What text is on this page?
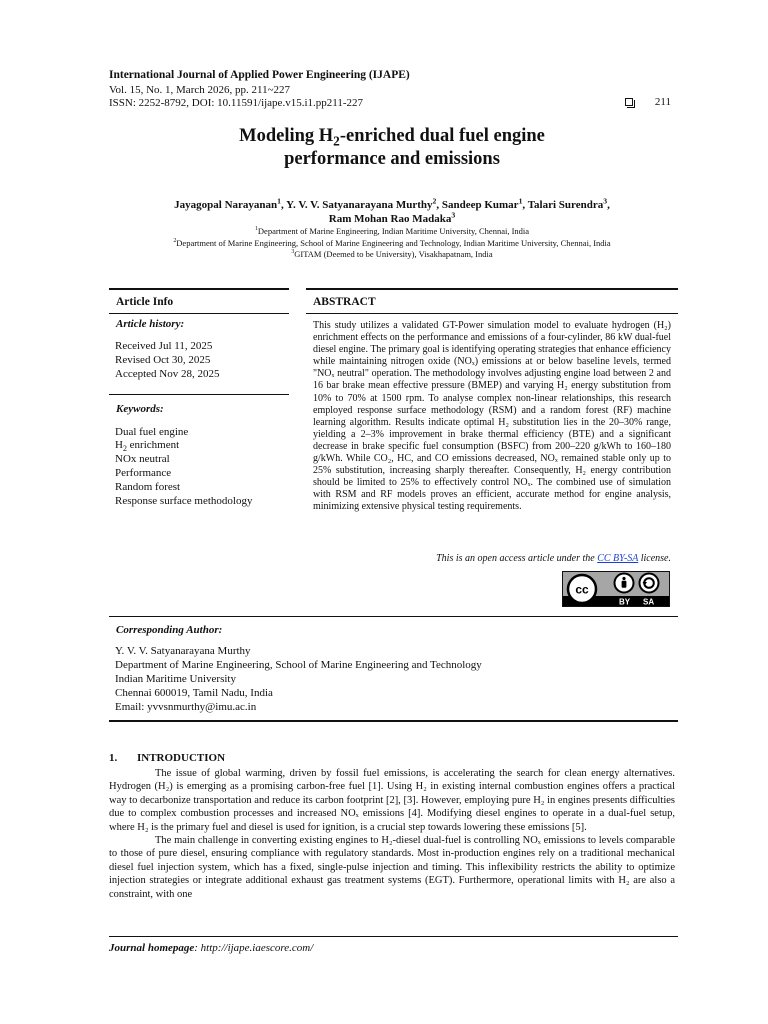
International Journal of Applied Power Engineering (IJAPE)
Vol. 15, No. 1, March 2026, pp. 211~227
ISSN: 2252-8792, DOI: 10.11591/ijape.v15.i1.pp211-227	211
Modeling $H_2$-enriched dual fuel engine
performance and emissions
Jayagopal Narayanan$^1$, Y. V. V. Satyanarayana Murthy$^2$, Sandeep Kumar$^1$, Talari Surendra$^3$,
Ram Mohan Rao Madaka$^3$
$^1$Department of Marine Engineering, Indian Maritime University, Chennai, India
$^2$Department of Marine Engineering, School of Marine Engineering and Technology, Indian Maritime University, Chennai, India
$^3$GITAM (Deemed to be University), Visakhapatnam, India
Article Info	ABSTRACT
Article history:
Received Jul 11, 2025
Revised Oct 30, 2025
Accepted Nov 28, 2025
Keywords:
Dual fuel engine
$H_2$ enrichment
NOx neutral
Performance
Random forest
Response surface methodology
This study utilizes a validated GT-Power simulation model to evaluate hydrogen (H₂) enrichment effects on the performance and emissions of a four-cylinder, 86 kW dual-fuel diesel engine. The primary goal is identifying operating strategies that enhance efficiency while maintaining nitrogen oxide (NOₓ) emissions at or below baseline levels, termed "NOₓ neutral" operation. The methodology involves adjusting engine load between 2 and 16 bar brake mean effective pressure (BMEP) and varying H₂ energy substitution from 10% to 70% at 1500 rpm. To analyse complex non-linear relationships, this research employed response surface methodology (RSM) and a random forest (RF) machine learning algorithm. Results indicate optimal H₂ substitution lies in the 20–30% range, yielding a 2–3% improvement in brake thermal efficiency (BTE) and a significant decrease in brake specific fuel consumption (BSFC) from 200–220 g/kWh to 160–180 g/kWh. While CO₂, HC, and CO emissions decreased, NOₓ remained stable only up to 25% substitution, increasing sharply thereafter. Consequently, H₂ energy contribution should be limited to 25% to effectively control NOₓ. The combined use of simulation with RSM and RF models proves an efficient, accurate method for engine analysis, minimizing extensive physical testing requirements.
This is an open access article under the CC BY-SA license.
cc
BY SA
Corresponding Author:
Y. V. V. Satyanarayana Murthy
Department of Marine Engineering, School of Marine Engineering and Technology
Indian Maritime University
Chennai 600019, Tamil Nadu, India
Email: yvvsnmurthy@imu.ac.in
1. INTRODUCTION

The issue of global warming, driven by fossil fuel emissions, is accelerating the search for clean energy alternatives. Hydrogen (H₂) is emerging as a promising carbon-free fuel [1]. Using H₂ in existing internal combustion engines offers a practical way to decarbonize transportation and reduce its carbon footprint [2], [3]. However, employing pure H₂ in engines presents difficulties due to complex combustion processes and increased NOₓ emissions [4]. Modifying diesel engines to operate in a dual-fuel setup, where H₂ is the primary fuel and diesel is used for ignition, is a crucial step towards lowering these emissions [5].

The main challenge in converting existing engines to H₂-diesel dual-fuel is controlling NOₓ emissions to levels comparable to those of pure diesel, ensuring compliance with regulatory standards. Most in-production engines rely on a traditional mechanical diesel fuel injection system, which has a fixed, single-pulse injection and timing. This inflexibility restricts the ability to optimize injection strategies or integrate additional exhaust gas treatment systems (EGT). Furthermore, operational limits with H₂ are also a constraint, with one

Journal homepage: http://ijape.iaescore.com/
